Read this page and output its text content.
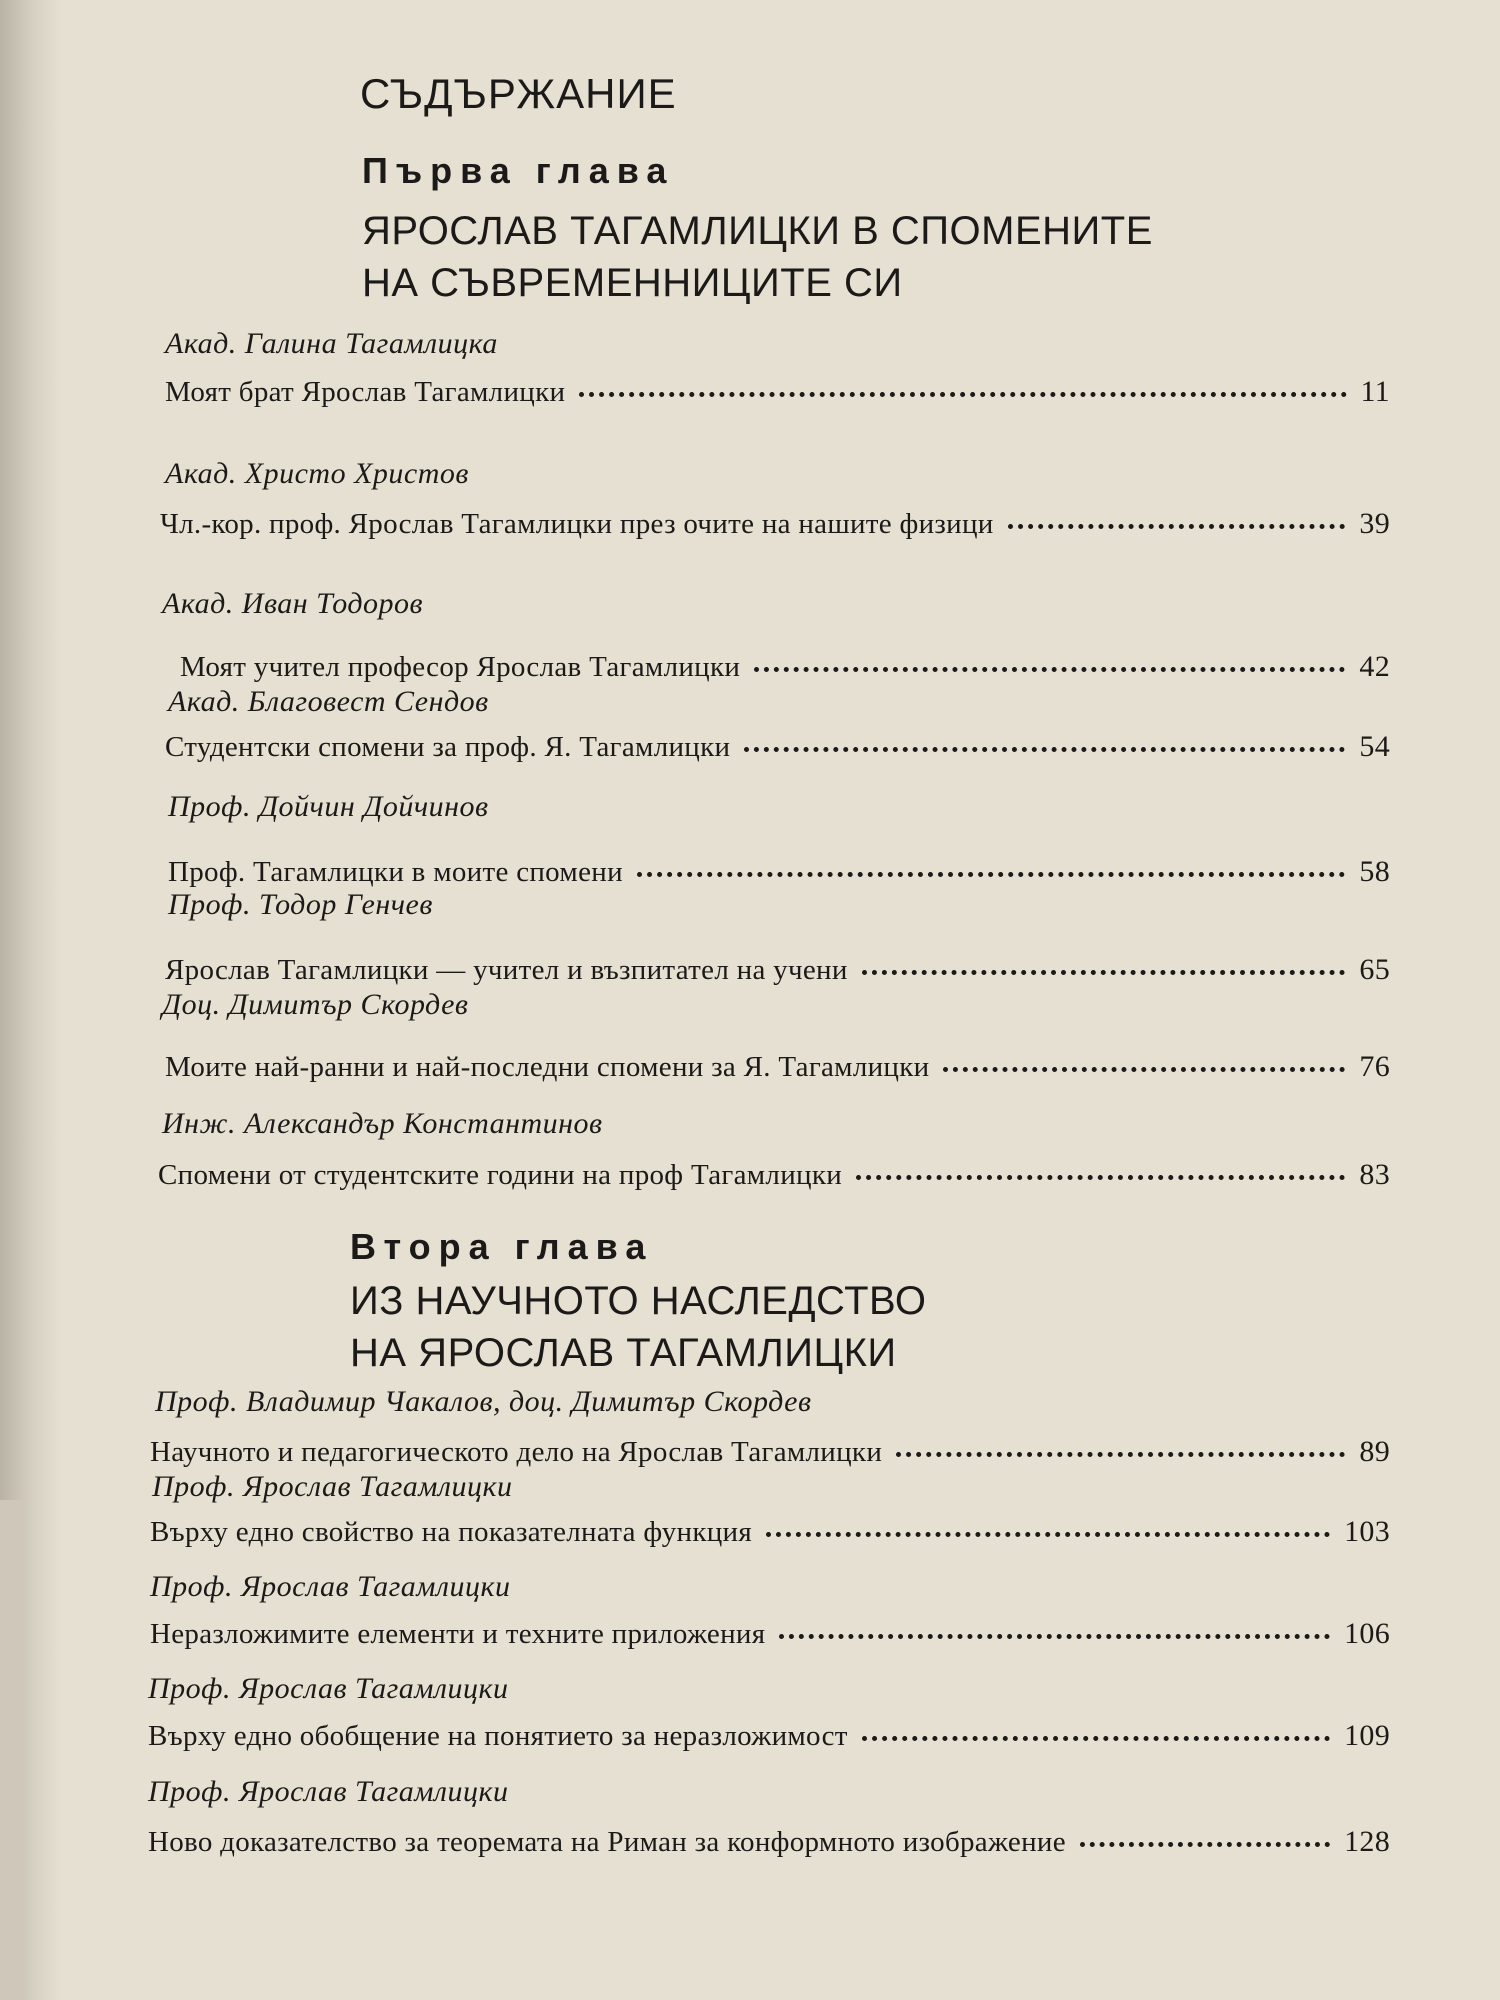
СЪДЪРЖАНИЕ
Първа глава
ЯРОСЛАВ ТАГАМЛИЦКИ В СПОМЕНИТЕ
НА СЪВРЕМЕННИЦИТЕ СИ
Акад. Галина Тагамлицка
Моят брат Ярослав Тагамлицки	11
Акад. Христо Христов
Чл.-кор. проф. Ярослав Тагамлицки през очите на нашите физици	39
Акад. Иван Тодоров
Моят учител професор Ярослав Тагамлицки	42
Акад. Благовест Сендов
Студентски спомени за проф. Я. Тагамлицки	54
Проф. Дойчин Дойчинов
Проф. Тагамлицки в моите спомени	58
Проф. Тодор Генчев
Ярослав Тагамлицки — учител и възпитател на учени	65
Доц. Димитър Скордев
Моите най-ранни и най-последни спомени за Я. Тагамлицки	76
Инж. Александър Константинов
Спомени от студентските години на проф Тагамлицки	83
Втора глава
ИЗ НАУЧНОТО НАСЛЕДСТВО
НА ЯРОСЛАВ ТАГАМЛИЦКИ
Проф. Владимир Чакалов, доц. Димитър Скордев
Научното и педагогическото дело на Ярослав Тагамлицки	89
Проф. Ярослав Тагамлицки
Върху едно свойство на показателната функция	103
Проф. Ярослав Тагамлицки
Неразложимите елементи и техните приложения	106
Проф. Ярослав Тагамлицки
Върху едно обобщение на понятието за неразложимост	109
Проф. Ярослав Тагамлицки
Ново доказателство за теоремата на Риман за конформното изображение	128
